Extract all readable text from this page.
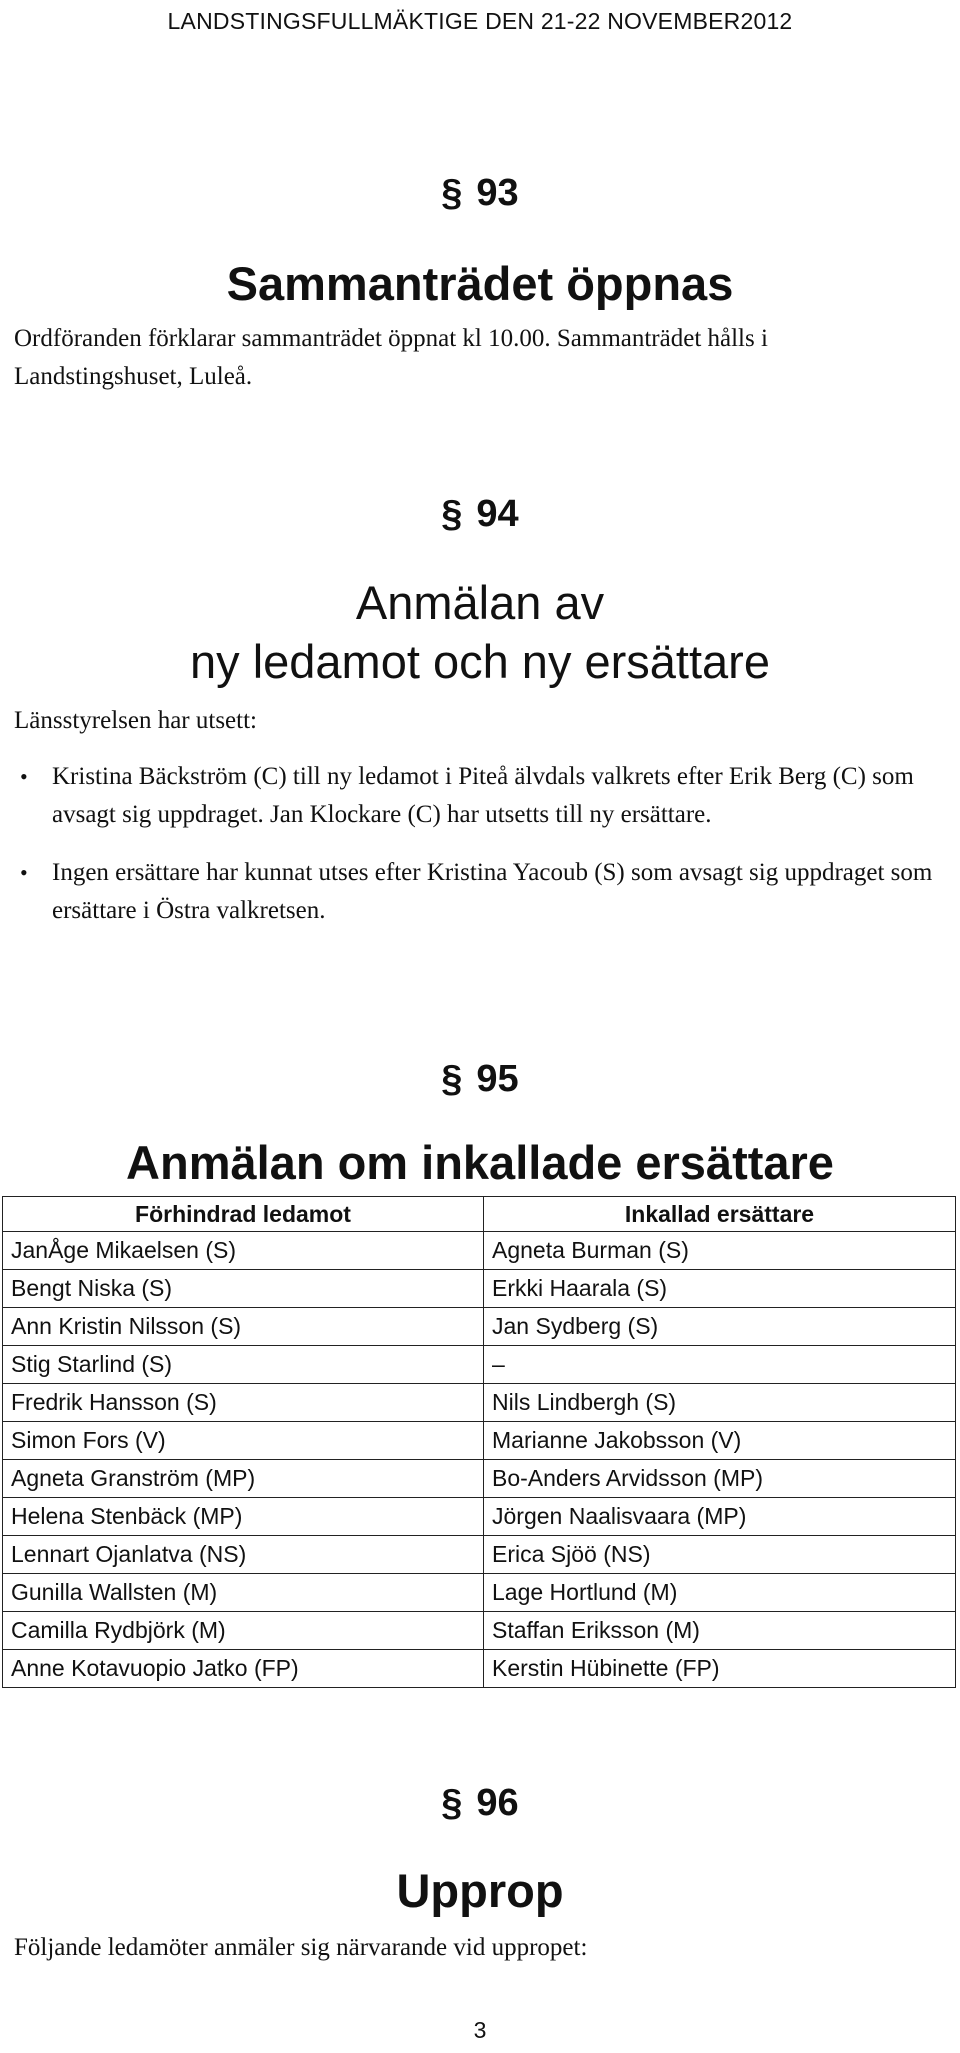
LANDSTINGSFULLMÄKTIGE DEN 21-22 NOVEMBER2012
§ 93
Sammanträdet öppnas
Ordföranden förklarar sammanträdet öppnat kl 10.00. Sammanträdet hålls i Landstingshuset, Luleå.
§ 94
Anmälan av
ny ledamot och ny ersättare
Länsstyrelsen har utsett:
• Kristina Bäckström (C) till ny ledamot i Piteå älvdals valkrets efter Erik Berg (C) som avsagt sig uppdraget. Jan Klockare (C) har utsetts till ny ersättare.
• Ingen ersättare har kunnat utses efter Kristina Yacoub (S) som avsagt sig uppdraget som ersättare i Östra valkretsen.
§ 95
Anmälan om inkallade ersättare
Förhindrad ledamot	Inkallad ersättare
JanÅge Mikaelsen (S)	Agneta Burman (S)
Bengt Niska (S)	Erkki Haarala (S)
Ann Kristin Nilsson (S)	Jan Sydberg (S)
Stig Starlind (S)	–
Fredrik Hansson (S)	Nils Lindbergh (S)
Simon Fors (V)	Marianne Jakobsson (V)
Agneta Granström (MP)	Bo-Anders Arvidsson (MP)
Helena Stenbäck (MP)	Jörgen Naalisvaara (MP)
Lennart Ojanlatva (NS)	Erica Sjöö (NS)
Gunilla Wallsten (M)	Lage Hortlund (M)
Camilla Rydbjörk (M)	Staffan Eriksson (M)
Anne Kotavuopio Jatko (FP)	Kerstin Hübinette (FP)
§ 96
Upprop
Följande ledamöter anmäler sig närvarande vid uppropet:
3
